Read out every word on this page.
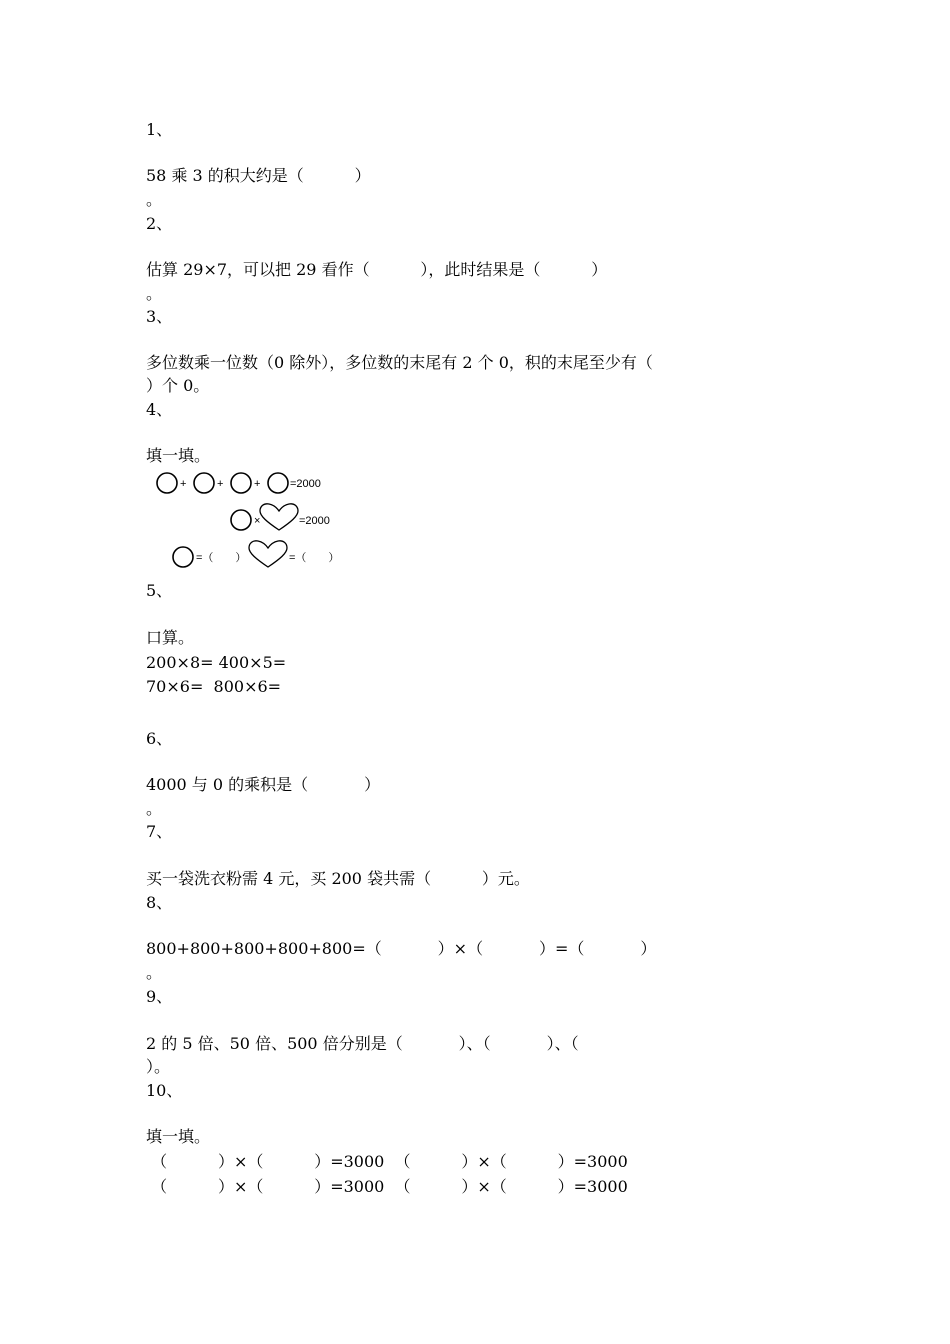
1、
58 乘 3 的积大约是（          ）
。
2、
估算 29×7，可以把 29 看作（          ），此时结果是（          ）
。
3、
多位数乘一位数（0 除外），多位数的末尾有 2 个 0，积的末尾至少有（
）个 0。
4、
填一填。
+	+	+	=2000
×	=2000
=（　　）	=（　　）
5、
口算。
200×8= 400×5=
70×6=  800×6=
6、
4000 与 0 的乘积是（           ）
。
7、
买一袋洗衣粉需 4 元，买 200 袋共需（          ）元。
8、
800+800+800+800+800=（           ）×（           ）=（           ）
。
9、
2 的 5 倍、50 倍、500 倍分别是（           ）、（           ）、（
）。
10、
填一填。
（          ）×（          ）=3000  （          ）×（          ）=3000
（          ）×（          ）=3000  （          ）×（          ）=3000
